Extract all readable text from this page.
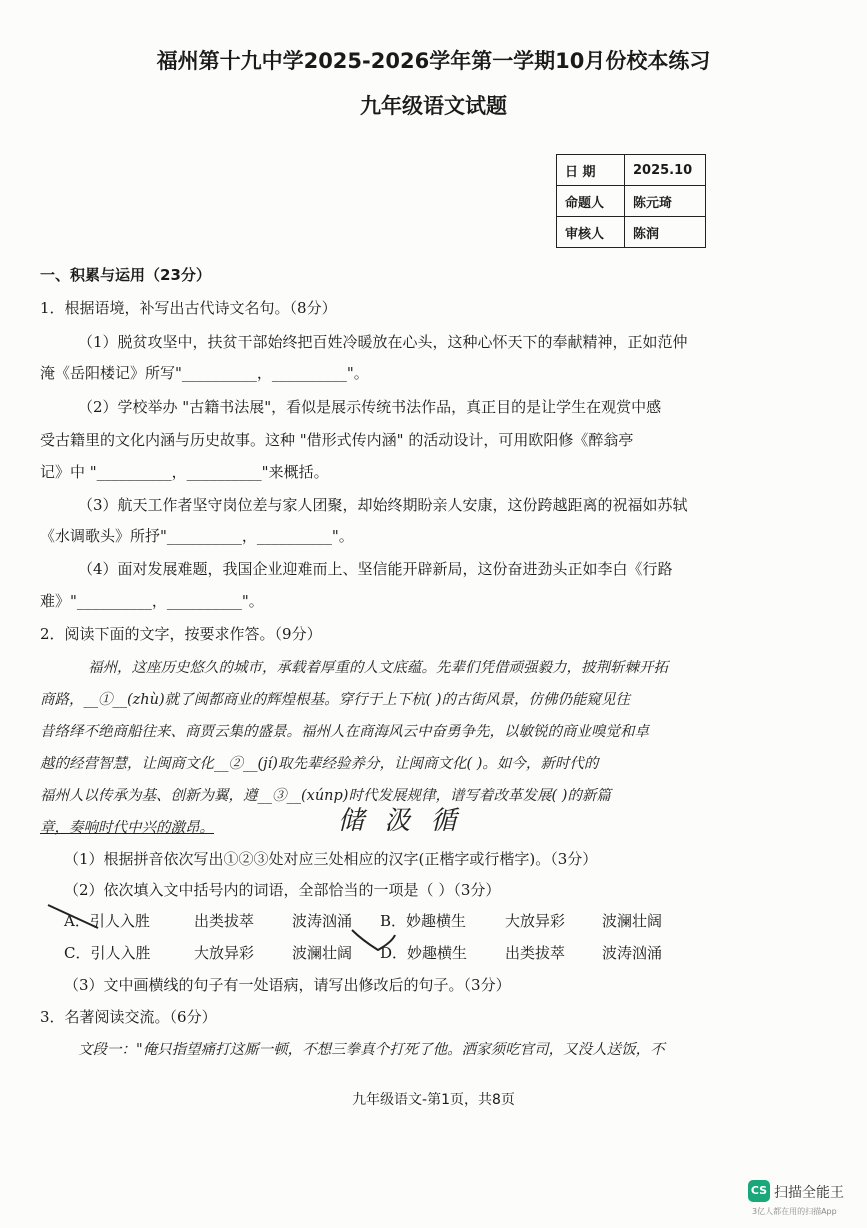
福州第十九中学2025-2026学年第一学期10月份校本练习
九年级语文试题
日 期	2025.10
命题人	陈元琦
审核人	陈润
一、积累与运用（23分）
1．根据语境，补写出古代诗文名句。（8分）
（1）脱贫攻坚中，扶贫干部始终把百姓冷暖放在心头，这种心怀天下的奉献精神，正如范仲
淹《岳阳楼记》所写"__________，__________"。
（2）学校举办 "古籍书法展"，看似是展示传统书法作品，真正目的是让学生在观赏中感
受古籍里的文化内涵与历史故事。这种 "借形式传内涵" 的活动设计，可用欧阳修《醉翁亭
记》中 "__________，__________"来概括。
（3）航天工作者坚守岗位差与家人团聚，却始终期盼亲人安康，这份跨越距离的祝福如苏轼
《水调歌头》所抒"__________，__________"。
（4）面对发展难题，我国企业迎难而上、坚信能开辟新局，这份奋进劲头正如李白《行路
难》"__________，__________"。
2．阅读下面的文字，按要求作答。（9分）
福州，这座历史悠久的城市，承载着厚重的人文底蕴。先辈们凭借顽强毅力，披荆斩棘开拓
商路，__①__(zhù)就了闽都商业的辉煌根基。穿行于上下杭( )的古街风景，仿佛仍能窥见往
昔络绎不绝商船往来、商贾云集的盛景。福州人在商海风云中奋勇争先，以敏锐的商业嗅觉和卓
越的经营智慧，让闽商文化__②__(jí)取先辈经验养分，让闽商文化( )。如今，新时代的
福州人以传承为基、创新为翼，遵__③__(xúnp)时代发展规律，谱写着改革发展( )的新篇
章，奏响时代中兴的激昂。	储 汲 循
（1）根据拼音依次写出①②③处对应三处相应的汉字(正楷字或行楷字)。（3分）
（2）依次填入文中括号内的词语，全部恰当的一项是（ ）（3分）
A．引人入胜	出类拔萃	波涛汹涌 B．妙趣横生	大放异彩 波澜壮阔
C．引人入胜	大放异彩	波澜壮阔 D．妙趣横生	出类拔萃 波涛汹涌
（3）文中画横线的句子有一处语病，请写出修改后的句子。（3分）
3．名著阅读交流。（6分）
文段一："俺只指望痛打这厮一顿，不想三拳真个打死了他。洒家须吃官司，又没人送饭，不
九年级语文-第1页，共8页
CS 扫描全能王
3亿人都在用的扫描App
